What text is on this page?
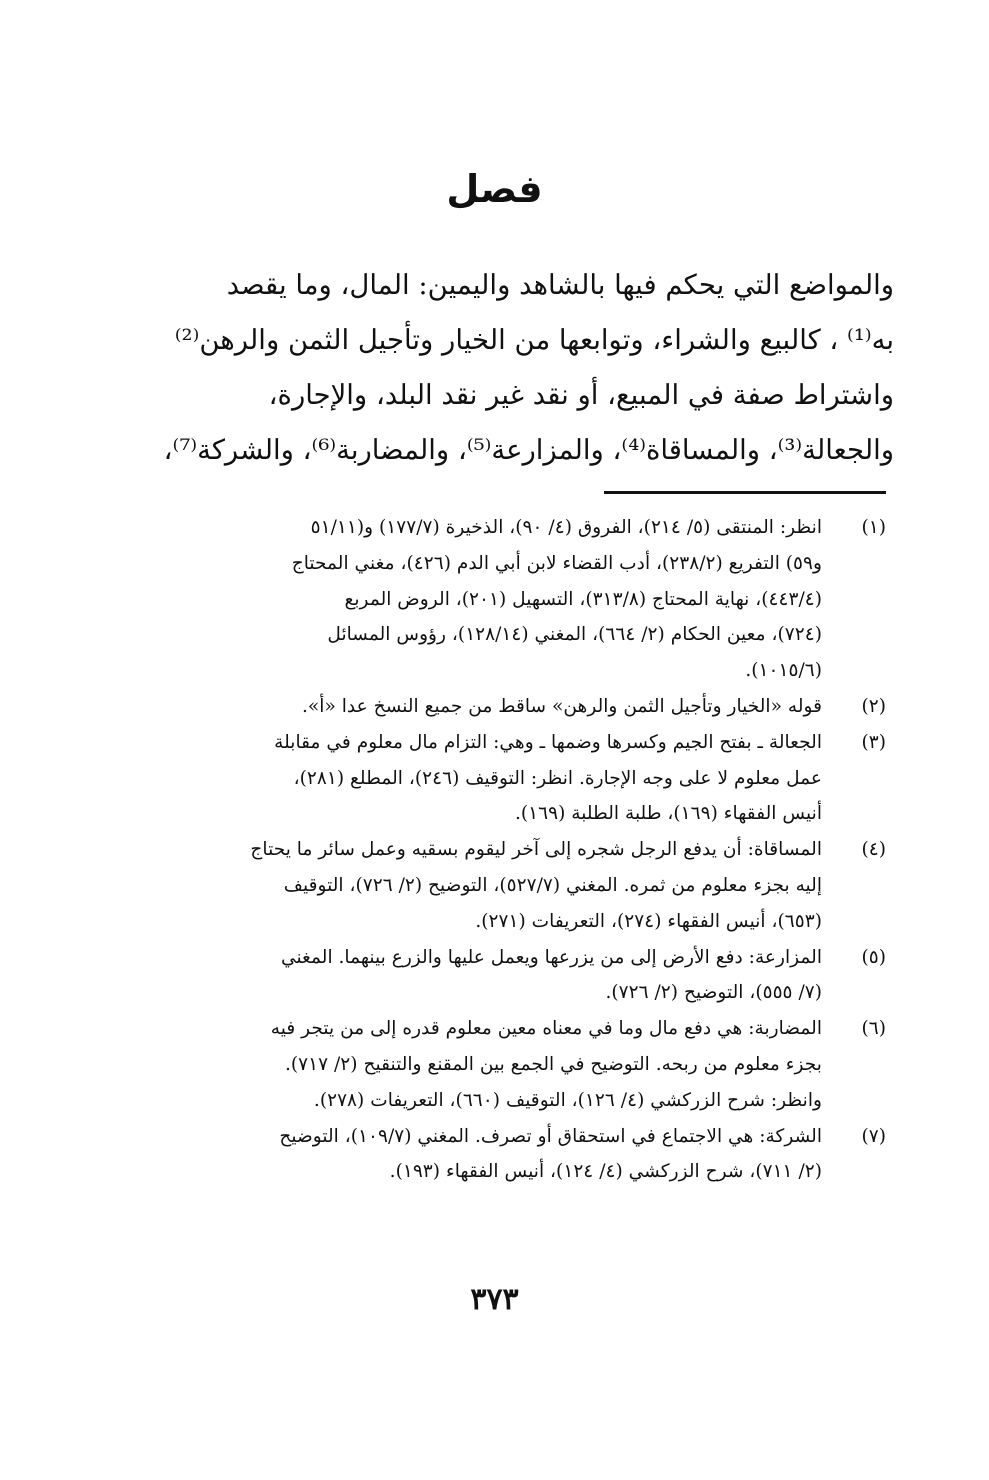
فصل
والمواضع التي يحكم فيها بالشاهد واليمين: المال، وما يقصد
به⁽¹⁾ ، كالبيع والشراء، وتوابعها من الخيار وتأجيل الثمن والرهن⁽²⁾
واشتراط صفة في المبيع، أو نقد غير نقد البلد، والإجارة،
والجعالة⁽³⁾، والمساقاة⁽⁴⁾، والمزارعة⁽⁵⁾، والمضاربة⁽⁶⁾، والشركة⁽⁷⁾،
(١)
انظر: المنتقى (٥/ ٢١٤)، الفروق (٤/ ٩٠)، الذخيرة (١٧٧/٧) و(٥١/١١
و٥٩) التفريع (٢٣٨/٢)، أدب القضاء لابن أبي الدم (٤٢٦)، مغني المحتاج
(٤٤٣/٤)، نهاية المحتاج (٣١٣/٨)، التسهيل (٢٠١)، الروض المربع
(٧٢٤)، معين الحكام (٢/ ٦٦٤)، المغني (١٢٨/١٤)، رؤوس المسائل
(١٠١٥/٦).
(٢)
قوله «الخيار وتأجيل الثمن والرهن» ساقط من جميع النسخ عدا «أ».
(٣)
الجعالة ـ بفتح الجيم وكسرها وضمها ـ وهي: التزام مال معلوم في مقابلة
عمل معلوم لا على وجه الإجارة. انظر: التوقيف (٢٤٦)، المطلع (٢٨١)،
أنيس الفقهاء (١٦٩)، طلبة الطلبة (١٦٩).
(٤)
المساقاة: أن يدفع الرجل شجره إلى آخر ليقوم بسقيه وعمل سائر ما يحتاج
إليه بجزء معلوم من ثمره. المغني (٥٢٧/٧)، التوضيح (٢/ ٧٢٦)، التوقيف
(٦٥٣)، أنيس الفقهاء (٢٧٤)، التعريفات (٢٧١).
(٥)
المزارعة: دفع الأرض إلى من يزرعها ويعمل عليها والزرع بينهما. المغني
(٧/ ٥٥٥)، التوضيح (٢/ ٧٢٦).
(٦)
المضاربة: هي دفع مال وما في معناه معين معلوم قدره إلى من يتجر فيه
بجزء معلوم من ربحه. التوضيح في الجمع بين المقنع والتنقيح (٢/ ٧١٧).
وانظر: شرح الزركشي (٤/ ١٢٦)، التوقيف (٦٦٠)، التعريفات (٢٧٨).
(٧)
الشركة: هي الاجتماع في استحقاق أو تصرف. المغني (١٠٩/٧)، التوضيح
(٢/ ٧١١)، شرح الزركشي (٤/ ١٢٤)، أنيس الفقهاء (١٩٣).
٣٧٣
